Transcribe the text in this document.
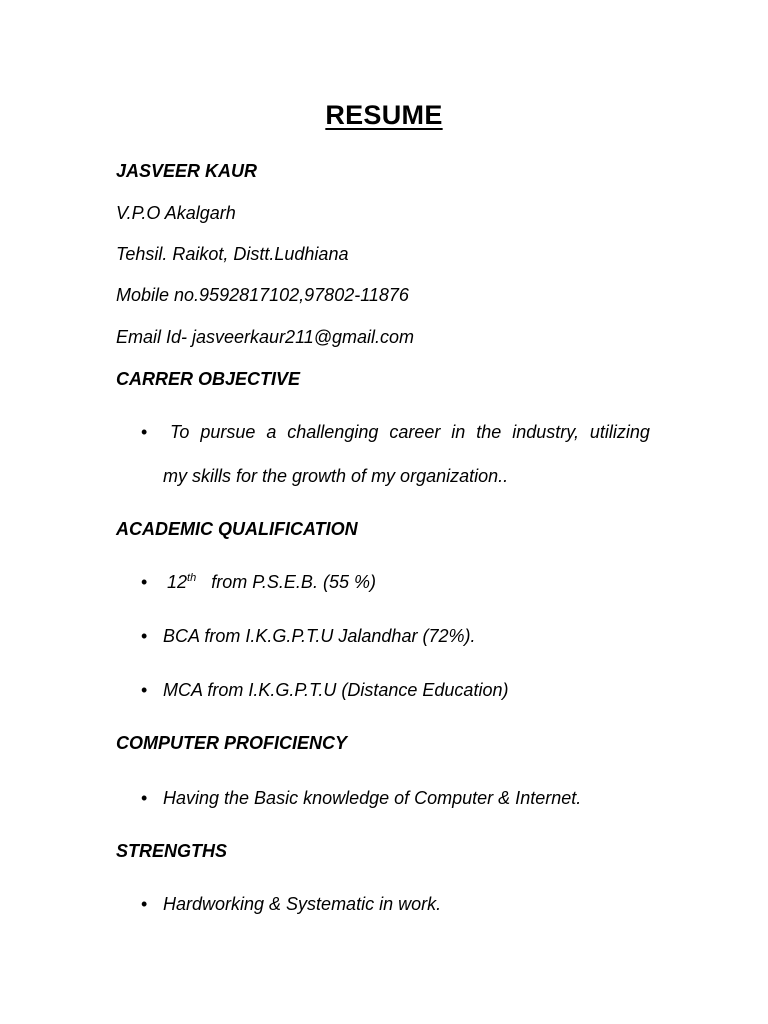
RESUME
JASVEER KAUR
V.P.O Akalgarh
Tehsil. Raikot, Distt.Ludhiana
Mobile no.9592817102,97802-11876
Email Id- jasveerkaur211@gmail.com
CARRER OBJECTIVE
• To pursue a challenging career in the industry, utilizing
my skills for the growth of my organization..
ACADEMIC QUALIFICATION
• 12th from P.S.E.B. (55 %)
• BCA from I.K.G.P.T.U Jalandhar (72%).
• MCA from I.K.G.P.T.U (Distance Education)
COMPUTER PROFICIENCY
• Having the Basic knowledge of Computer & Internet.
STRENGTHS
• Hardworking & Systematic in work.
